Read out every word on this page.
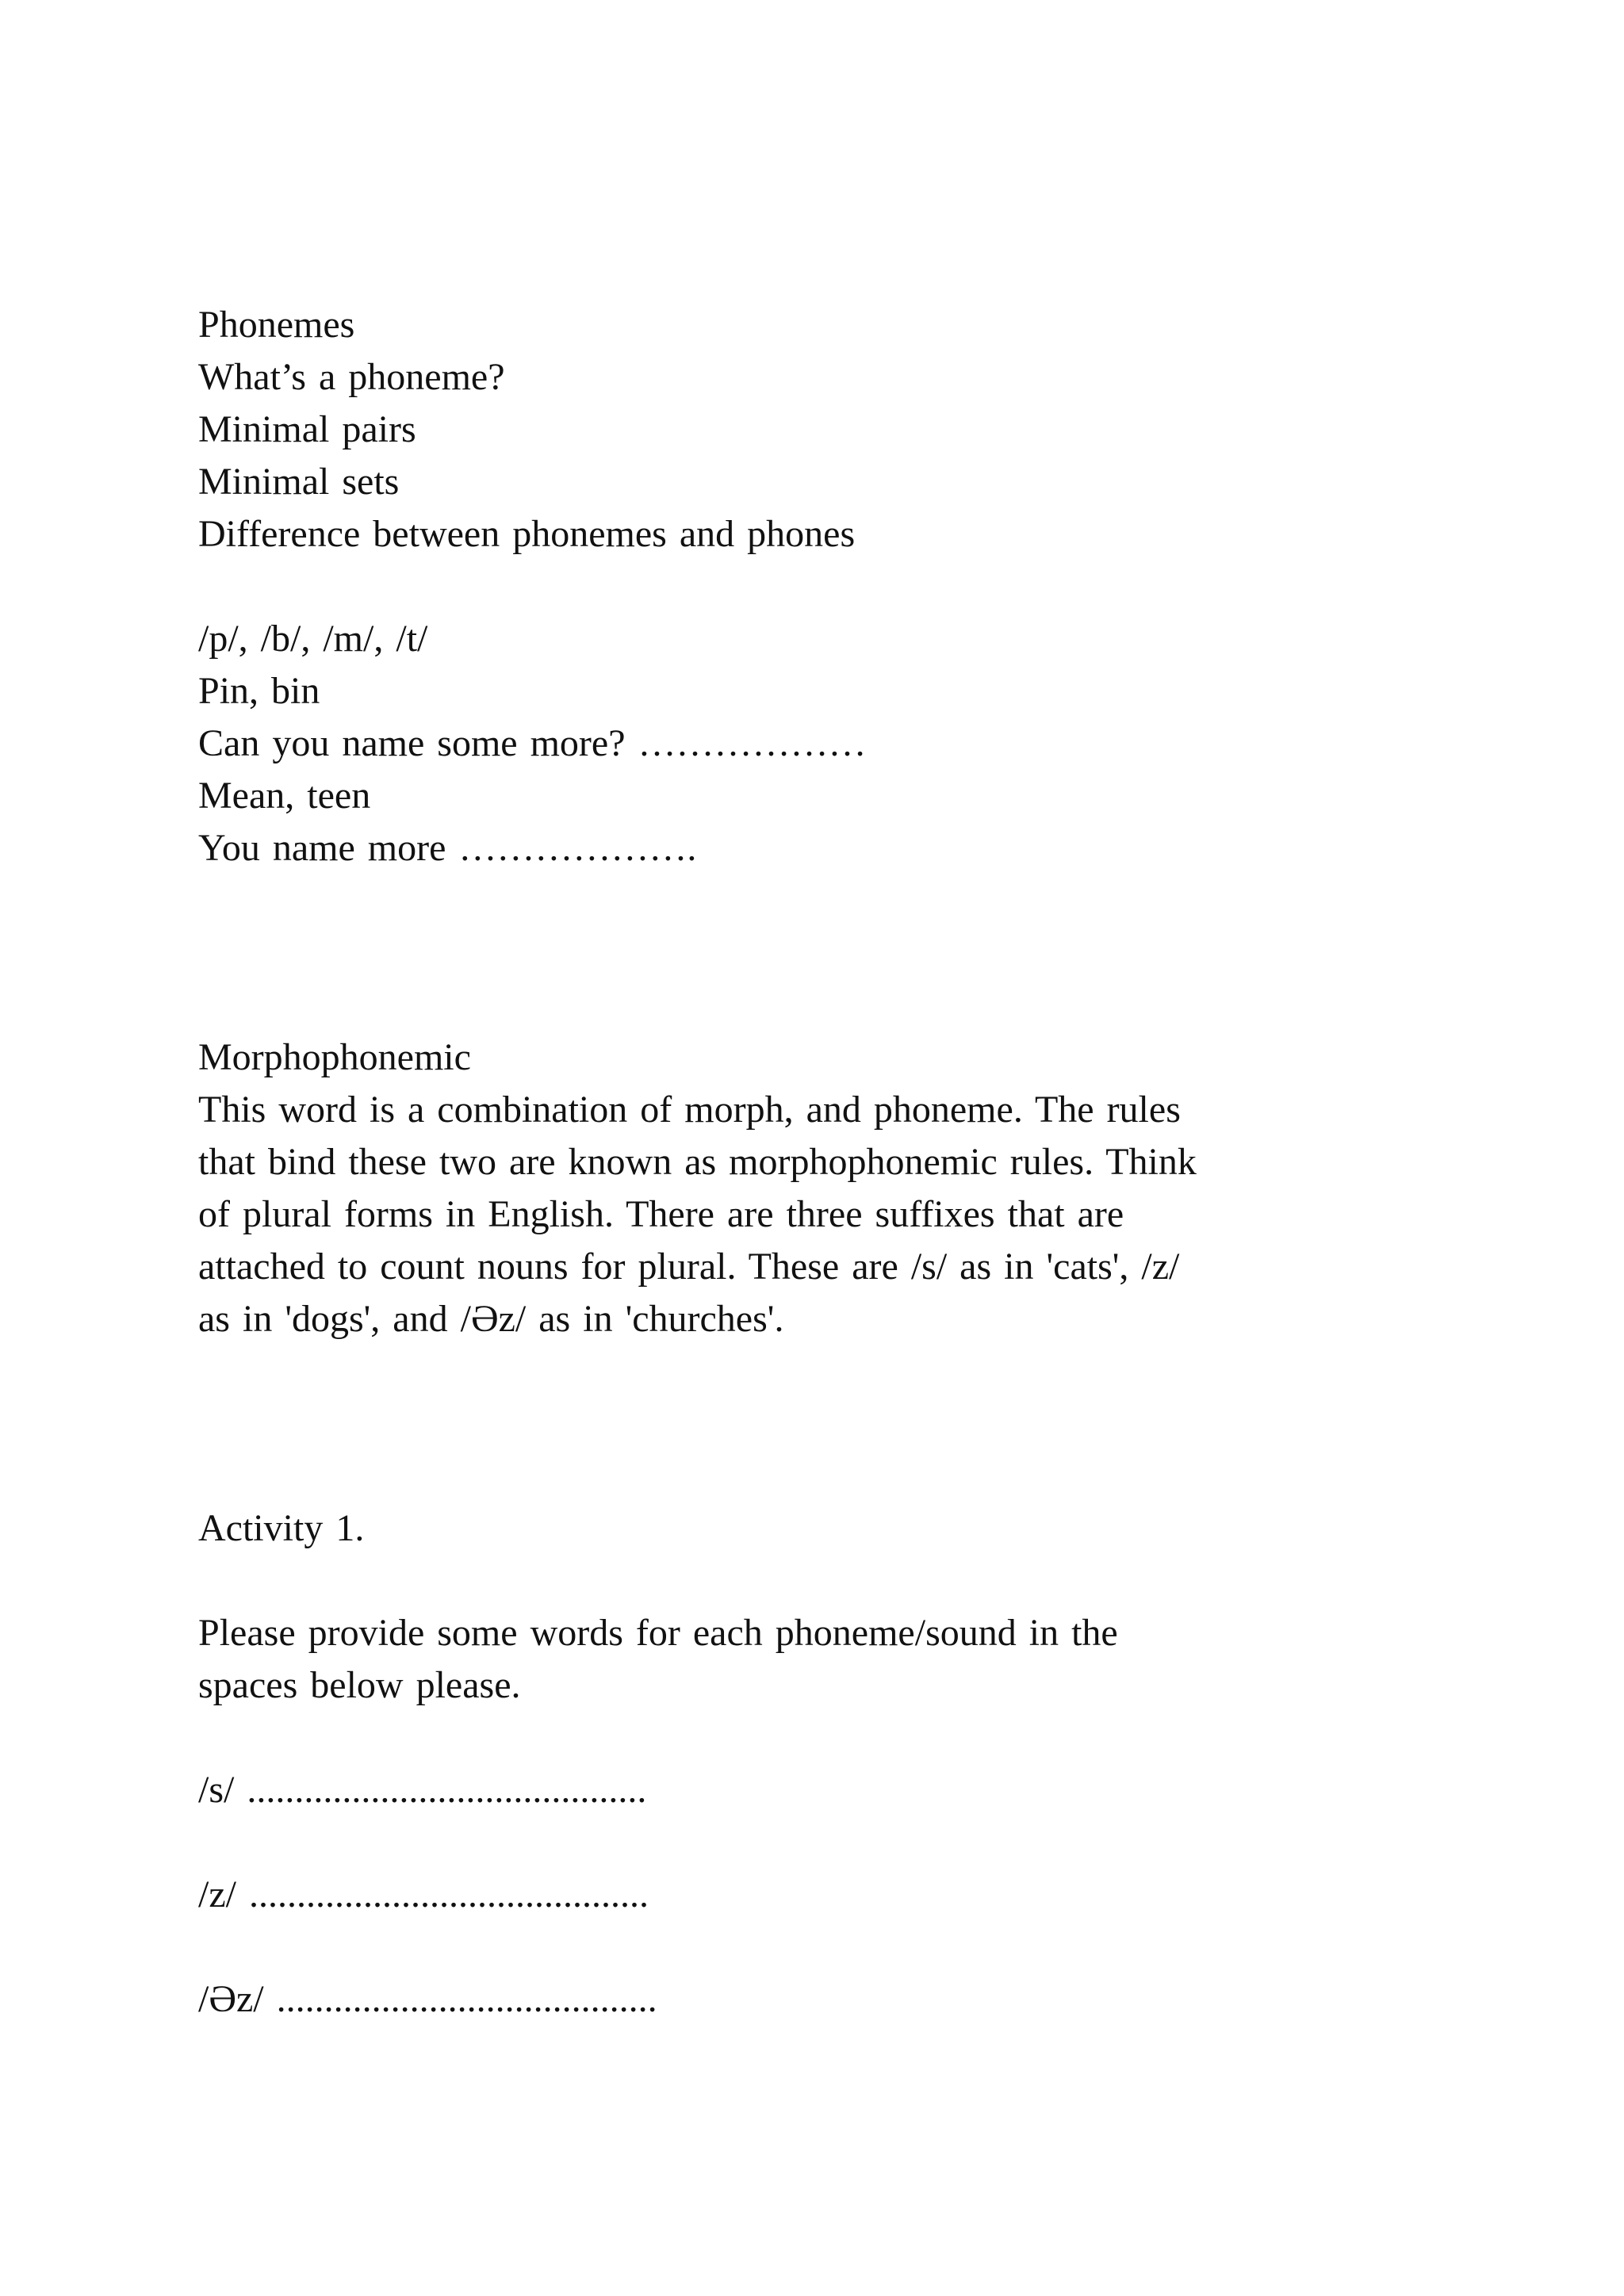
Phonemes
What’s a phoneme?
Minimal pairs
Minimal sets
Difference between phonemes and phones
/p/, /b/, /m/, /t/
Pin, bin
Can you name some more? ………………
Mean, teen
You name more ……………….
Morphophonemic
This word is a combination of morph, and phoneme. The rules
that bind these two are known as morphophonemic rules. Think
of plural forms in English. There are three suffixes that are
attached to count nouns for plural. These are /s/ as in 'cats', /z/
as in 'dogs', and /Əz/ as in 'churches'.
Activity 1.
Please provide some words for each phoneme/sound in the
spaces below please.
/s/ ..........................................
/z/ ..........................................
/Əz/ ........................................
